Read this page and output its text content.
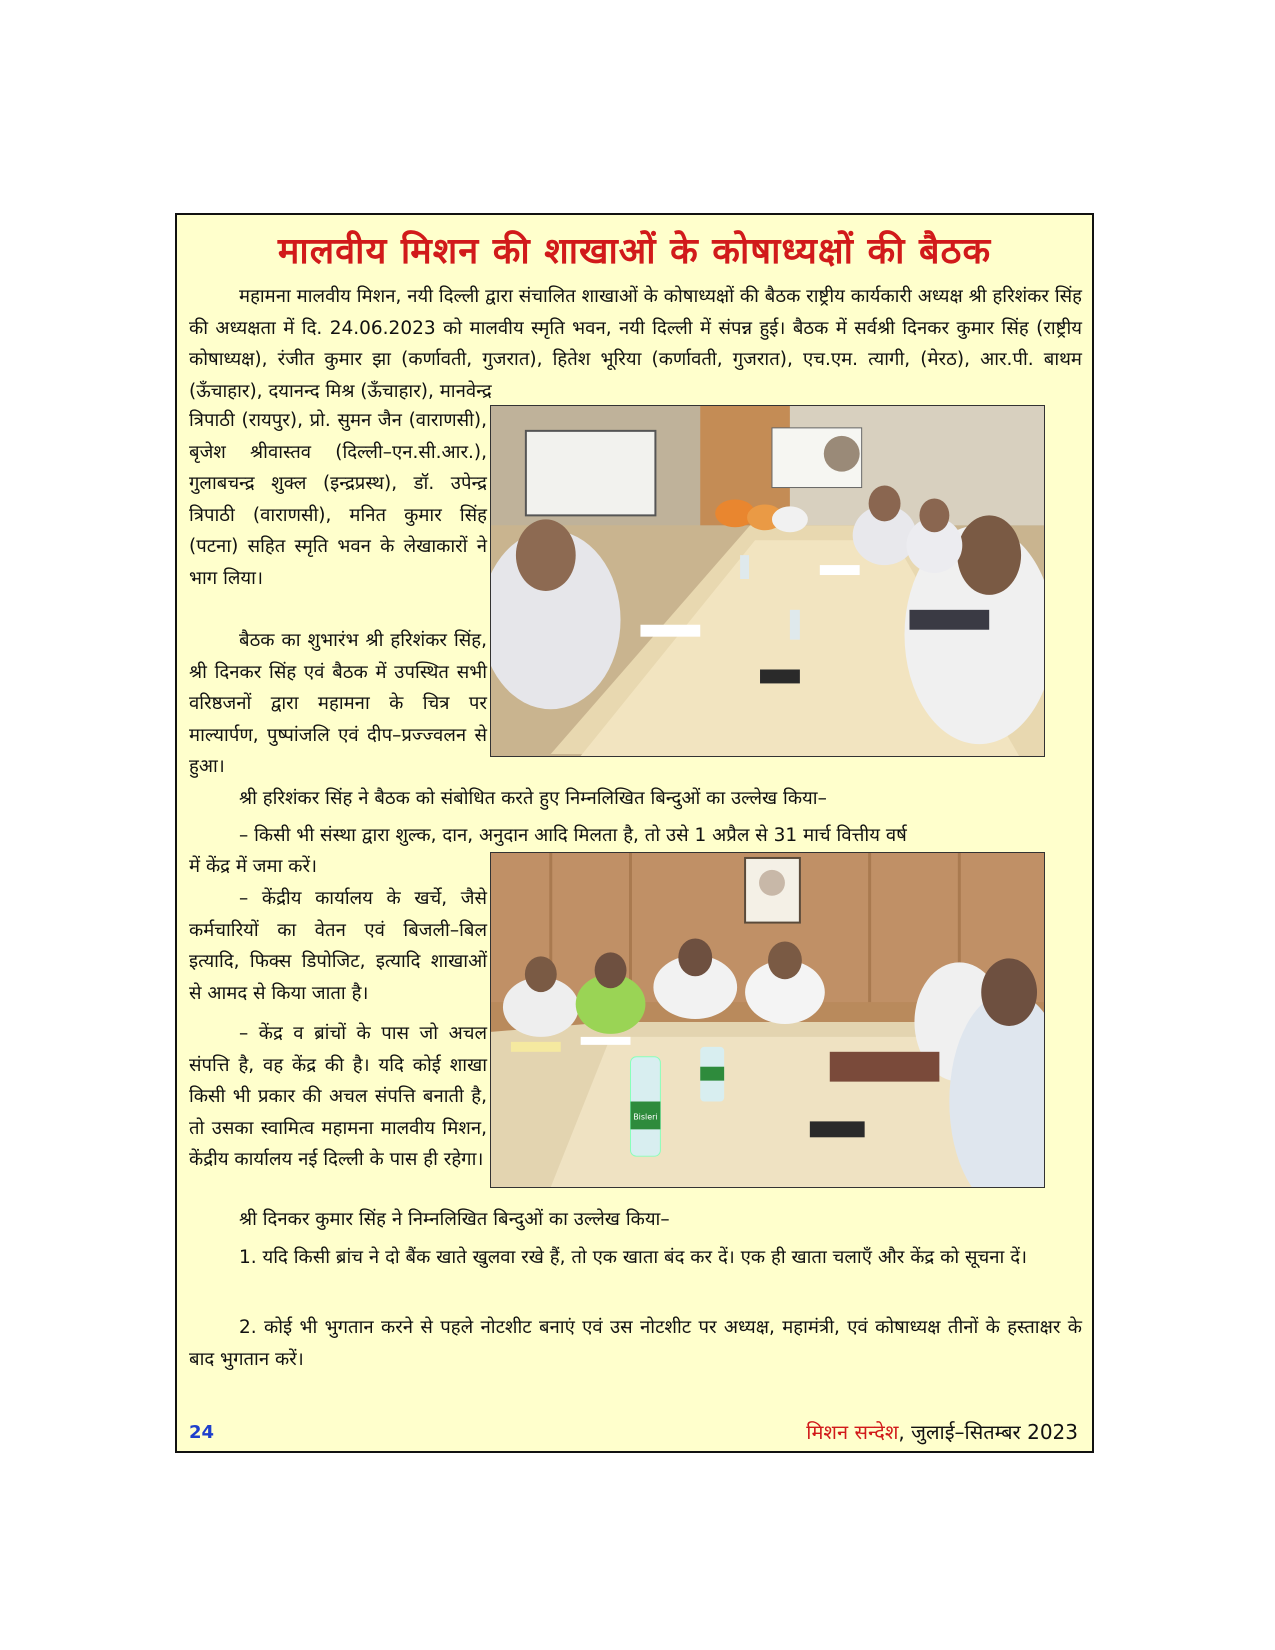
मालवीय मिशन की शाखाओं के कोषाध्यक्षों की बैठक

महामना मालवीय मिशन, नयी दिल्ली द्वारा संचालित शाखाओं के कोषाध्यक्षों की बैठक राष्ट्रीय कार्यकारी अध्यक्ष श्री हरिशंकर सिंह की अध्यक्षता में दि. 24.06.2023 को मालवीय स्मृति भवन, नयी दिल्ली में संपन्न हुई। बैठक में सर्वश्री दिनकर कुमार सिंह (राष्ट्रीय कोषाध्यक्ष), रंजीत कुमार झा (कर्णावती, गुजरात), हितेश भूरिया (कर्णावती, गुजरात), एच.एम. त्यागी, (मेरठ), आर.पी. बाथम (ऊँचाहार), दयानन्द मिश्र (ऊँचाहार), मानवेन्द्र

त्रिपाठी (रायपुर), प्रो. सुमन जैन (वाराणसी), बृजेश श्रीवास्तव (दिल्ली–एन.सी.आर.), गुलाबचन्द्र शुक्ल (इन्द्रप्रस्थ), डॉ. उपेन्द्र त्रिपाठी (वाराणसी), मनित कुमार सिंह (पटना) सहित स्मृति भवन के लेखाकारों ने भाग लिया।

बैठक का शुभारंभ श्री हरिशंकर सिंह, श्री दिनकर सिंह एवं बैठक में उपस्थित सभी वरिष्ठजनों द्वारा महामना के चित्र पर माल्यार्पण, पुष्पांजलि एवं दीप–प्रज्ज्वलन से हुआ।

श्री हरिशंकर सिंह ने बैठक को संबोधित करते हुए निम्नलिखित बिन्दुओं का उल्लेख किया–

– किसी भी संस्था द्वारा शुल्क, दान, अनुदान आदि मिलता है, तो उसे 1 अप्रैल से 31 मार्च वित्तीय वर्ष

में केंद्र में जमा करें।

– केंद्रीय कार्यालय के खर्चे, जैसे कर्मचारियों का वेतन एवं बिजली–बिल इत्यादि, फिक्स डिपोजिट, इत्यादि शाखाओं से आमद से किया जाता है।

– केंद्र व ब्रांचों के पास जो अचल संपत्ति है, वह केंद्र की है। यदि कोई शाखा किसी भी प्रकार की अचल संपत्ति बनाती है, तो उसका स्वामित्व महामना मालवीय मिशन, केंद्रीय कार्यालय नई दिल्ली के पास ही रहेगा।

Bisleri

श्री दिनकर कुमार सिंह ने निम्नलिखित बिन्दुओं का उल्लेख किया–

1. यदि किसी ब्रांच ने दो बैंक खाते खुलवा रखे हैं, तो एक खाता बंद कर दें। एक ही खाता चलाएँ और केंद्र को सूचना दें।

2. कोई भी भुगतान करने से पहले नोटशीट बनाएं एवं उस नोटशीट पर अध्यक्ष, महामंत्री, एवं कोषाध्यक्ष तीनों के हस्ताक्षर के बाद भुगतान करें।

24	मिशन सन्देश, जुलाई–सितम्बर 2023
